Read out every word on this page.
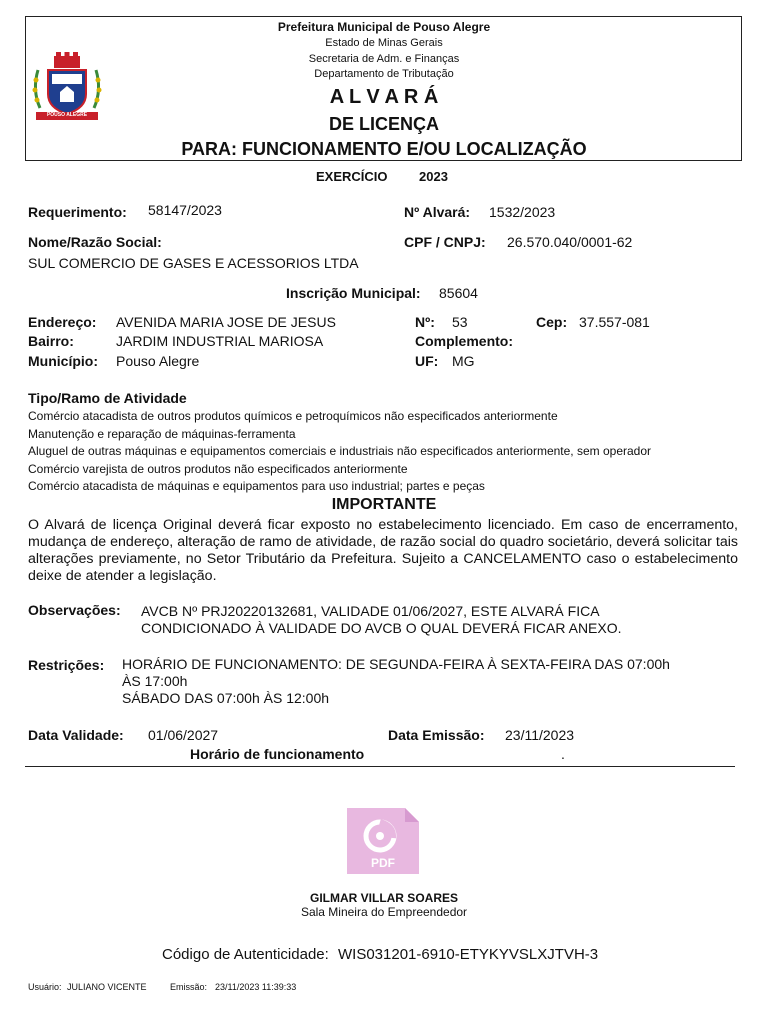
POUSO ALEGRE
Prefeitura Municipal de Pouso Alegre
Estado de Minas Gerais
Secretaria de Adm. e Finanças
Departamento de Tributação
A L V A R Á
DE LICENÇA
PARA: FUNCIONAMENTO E/OU LOCALIZAÇÃO
EXERCÍCIO 2023
Requerimento: 58147/2023	Nº Alvará: 1532/2023
Nome/Razão Social:	CPF / CNPJ: 26.570.040/0001-62
SUL COMERCIO DE GASES E ACESSORIOS LTDA
Inscrição Municipal: 85604
Endereço: AVENIDA MARIA JOSE DE JESUS	Nº: 53	Cep: 37.557-081
Bairro:	JARDIM INDUSTRIAL MARIOSA	Complemento:
Município: Pouso Alegre	UF: MG
Tipo/Ramo de Atividade
Comércio atacadista de outros produtos químicos e petroquímicos não especificados anteriormente
Manutenção e reparação de máquinas-ferramenta
Aluguel de outras máquinas e equipamentos comerciais e industriais não especificados anteriormente, sem operador
Comércio varejista de outros produtos não especificados anteriormente
Comércio atacadista de máquinas e equipamentos para uso industrial; partes e peças
IMPORTANTE
O Alvará de licença Original deverá ficar exposto no estabelecimento licenciado. Em caso de encerramento, mudança de endereço, alteração de ramo de atividade, de razão social do quadro societário, deverá solicitar tais alterações previamente, no Setor Tributário da Prefeitura. Sujeito a CANCELAMENTO caso o estabelecimento deixe de atender a legislação.
Observações: AVCB Nº PRJ20220132681, VALIDADE 01/06/2027, ESTE ALVARÁ FICA
CONDICIONADO À VALIDADE DO AVCB O QUAL DEVERÁ FICAR ANEXO.
Restrições: HORÁRIO DE FUNCIONAMENTO: DE SEGUNDA-FEIRA À SEXTA-FEIRA DAS 07:00h
ÀS 17:00h
SÁBADO DAS 07:00h ÀS 12:00h
Data Validade: 01/06/2027	Data Emissão: 23/11/2023
Horário de funcionamento	.
PDF
GILMAR VILLAR SOARES
Sala Mineira do Empreendedor
Código de Autenticidade: WIS031201-6910-ETYKYVSLXJTVH-3
Usuário: JULIANO VICENTE	Emissão: 23/11/2023 11:39:33
